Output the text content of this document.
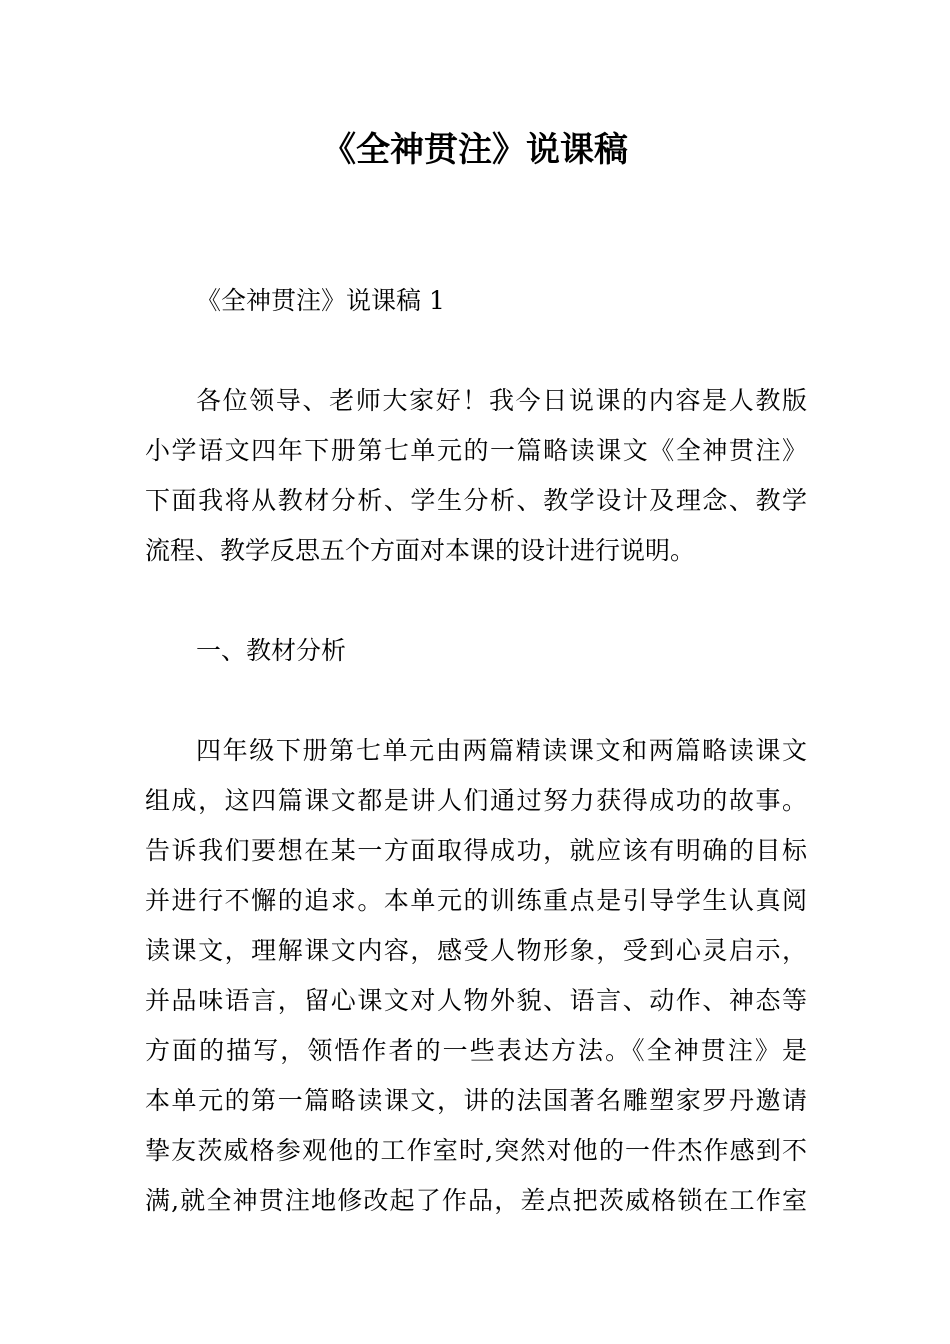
《全神贯注》说课稿
《全神贯注》说课稿 1
各位领导、老师大家好！我今日说课的内容是人教版
小学语文四年下册第七单元的一篇略读课文《全神贯注》
下面我将从教材分析、学生分析、教学设计及理念、教学
流程、教学反思五个方面对本课的设计进行说明。
一、教材分析
四年级下册第七单元由两篇精读课文和两篇略读课文
组成，这四篇课文都是讲人们通过努力获得成功的故事。
告诉我们要想在某一方面取得成功，就应该有明确的目标
并进行不懈的追求。本单元的训练重点是引导学生认真阅
读课文，理解课文内容，感受人物形象，受到心灵启示，
并品味语言，留心课文对人物外貌、语言、动作、神态等
方面的描写，领悟作者的一些表达方法。《全神贯注》是
本单元的第一篇略读课文，讲的法国著名雕塑家罗丹邀请
挚友茨威格参观他的工作室时,突然对他的一件杰作感到不
满,就全神贯注地修改起了作品，差点把茨威格锁在工作室
